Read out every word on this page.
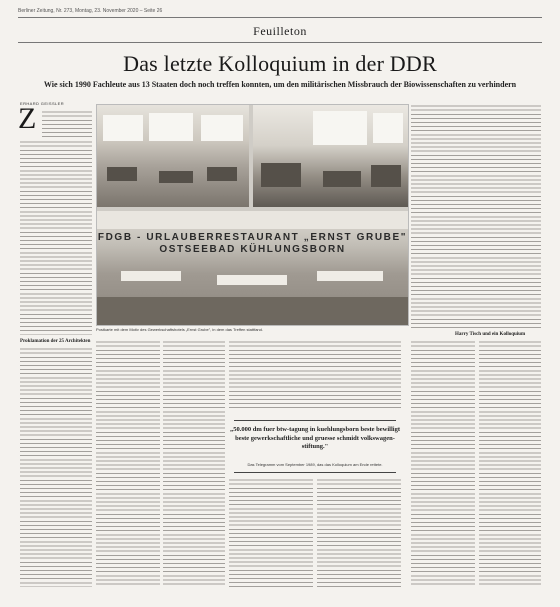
Berliner Zeitung, Nr. 273, Montag, 23. November 2020 – Seite 26
Feuilleton
Das letzte Kolloquium in der DDR
Wie sich 1990 Fachleute aus 13 Staaten doch noch treffen konnten, um den militärischen Missbrauch der Biowissenschaften zu verhindern
ERHARD GEISSLER
Z
Proklamation der 25 Architekten
Harry Tisch und ein Kolloquium
FDGB - URLAUBERRESTAURANT „ERNST GRUBE"
OSTSEEBAD KÜHLUNGSBORN
Postkarte mit dem Motiv des Gewerkschaftshotels „Ernst Grube", in dem das Treffen stattfand.
„50.000 dm fuer btw-tagung in kuehlungsborn beste bewilligt beste gewerkschaftliche und gruesse schmidt volkswagen-stiftung."
Das Telegramm vom September 1989, das das Kolloquium am Ende rettete.
